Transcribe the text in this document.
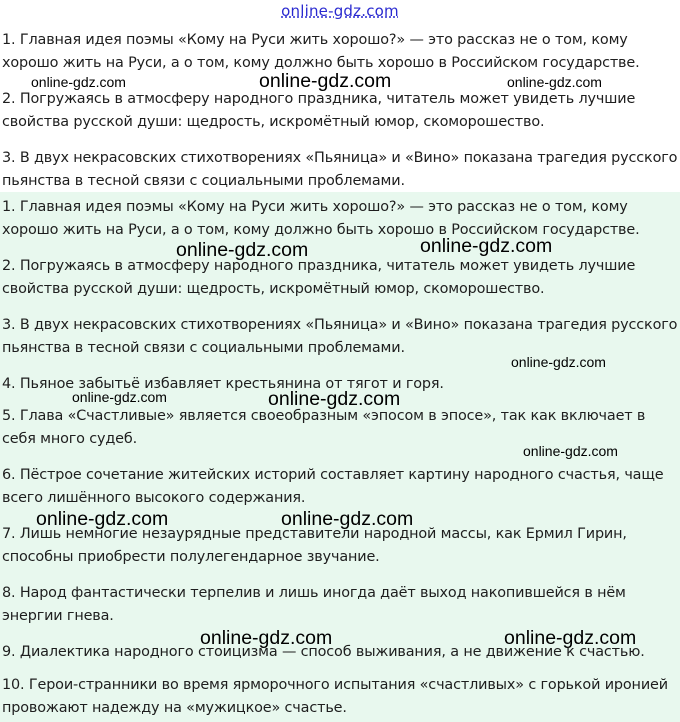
online-gdz.com
1. Главная идея поэмы «Кому на Руси жить хорошо?» — это рассказ не о том, кому
хорошо жить на Руси, а о том, кому должно быть хорошо в Российском государстве.
2. Погружаясь в атмосферу народного праздника, читатель может увидеть лучшие
свойства русской души: щедрость, искромётный юмор, скоморошество.
3. В двух некрасовских стихотворениях «Пьяница» и «Вино» показана трагедия русского
пьянства в тесной связи с социальными проблемами.
1. Главная идея поэмы «Кому на Руси жить хорошо?» — это рассказ не о том, кому
хорошо жить на Руси, а о том, кому должно быть хорошо в Российском государстве.
2. Погружаясь в атмосферу народного праздника, читатель может увидеть лучшие
свойства русской души: щедрость, искромётный юмор, скоморошество.
3. В двух некрасовских стихотворениях «Пьяница» и «Вино» показана трагедия русского
пьянства в тесной связи с социальными проблемами.
4. Пьяное забытьё избавляет крестьянина от тягот и горя.
5. Глава «Счастливые» является своеобразным «эпосом в эпосе», так как включает в
себя много судеб.
6. Пёстрое сочетание житейских историй составляет картину народного счастья, чаще
всего лишённого высокого содержания.
7. Лишь немногие незаурядные представители народной массы, как Ермил Гирин,
способны приобрести полулегендарное звучание.
8. Народ фантастически терпелив и лишь иногда даёт выход накопившейся в нём
энергии гнева.
9. Диалектика народного стоицизма — способ выживания, а не движение к счастью.
10. Герои-странники во время ярморочного испытания «счастливых» с горькой иронией
провожают надежду на «мужицкое» счастье.
online-gdz.com	online-gdz.com	online-gdz.com
online-gdz.com	online-gdz.com
online-gdz.com
online-gdz.com	online-gdz.com
online-gdz.com
online-gdz.com	online-gdz.com
online-gdz.com	online-gdz.com
